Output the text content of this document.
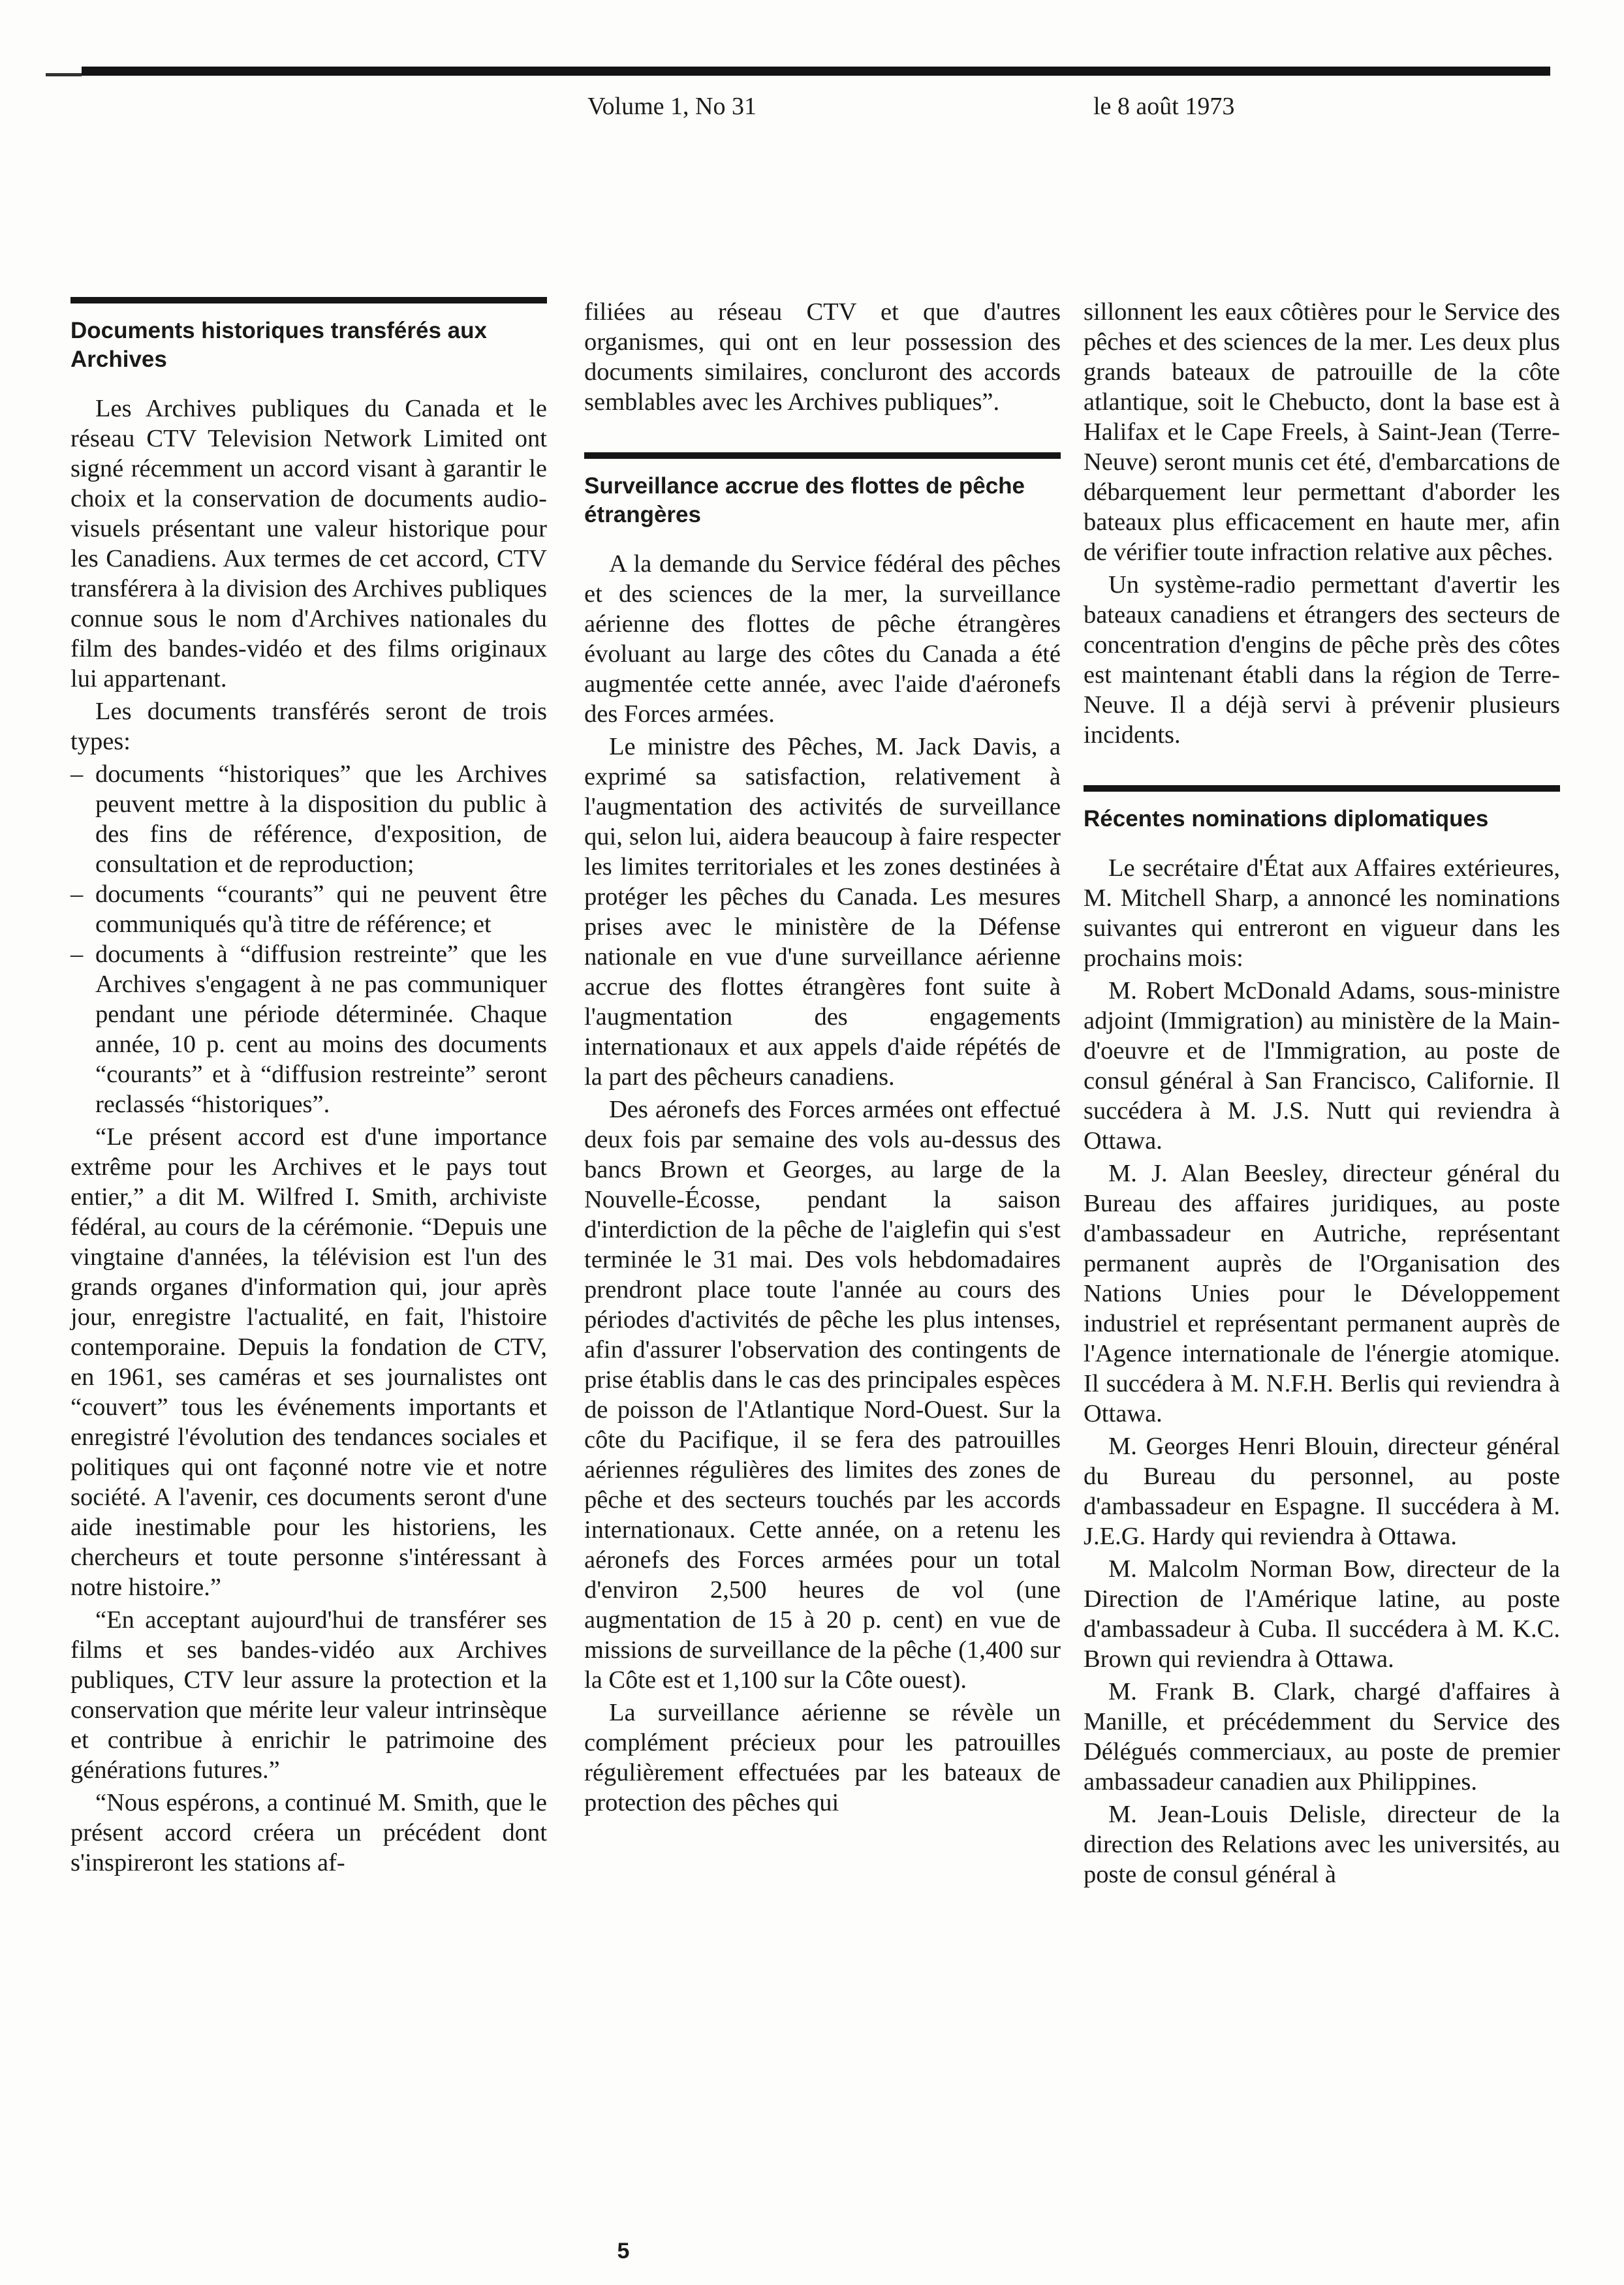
Volume 1, No 31	le 8 août 1973
Documents historiques transférés aux Archives

Les Archives publiques du Canada et le réseau CTV Television Network Limited ont signé récemment un accord visant à garantir le choix et la conservation de documents audio-visuels présentant une valeur historique pour les Canadiens. Aux termes de cet accord, CTV transférera à la division des Archives publiques connue sous le nom d'Archives nationales du film des bandes-vidéo et des films originaux lui appartenant.

Les documents transférés seront de trois types:

– documents “historiques” que les Archives peuvent mettre à la disposition du public à des fins de référence, d'exposition, de consultation et de reproduction;
– documents “courants” qui ne peuvent être communiqués qu'à titre de référence; et
– documents à “diffusion restreinte” que les Archives s'engagent à ne pas communiquer pendant une période déterminée. Chaque année, 10 p. cent au moins des documents “courants” et à “diffusion restreinte” seront reclassés “historiques”.

“Le présent accord est d'une importance extrême pour les Archives et le pays tout entier,” a dit M. Wilfred I. Smith, archiviste fédéral, au cours de la cérémonie. “Depuis une vingtaine d'années, la télévision est l'un des grands organes d'information qui, jour après jour, enregistre l'actualité, en fait, l'histoire contemporaine. Depuis la fondation de CTV, en 1961, ses caméras et ses journalistes ont “couvert” tous les événements importants et enregistré l'évolution des tendances sociales et politiques qui ont façonné notre vie et notre société. A l'avenir, ces documents seront d'une aide inestimable pour les historiens, les chercheurs et toute personne s'intéressant à notre histoire.”

“En acceptant aujourd'hui de transférer ses films et ses bandes-vidéo aux Archives publiques, CTV leur assure la protection et la conservation que mérite leur valeur intrinsèque et contribue à enrichir le patrimoine des générations futures.”

“Nous espérons, a continué M. Smith, que le présent accord créera un précédent dont s'inspireront les stations af-

filiées au réseau CTV et que d'autres organismes, qui ont en leur possession des documents similaires, concluront des accords semblables avec les Archives publiques”.

Surveillance accrue des flottes de pêche étrangères

A la demande du Service fédéral des pêches et des sciences de la mer, la surveillance aérienne des flottes de pêche étrangères évoluant au large des côtes du Canada a été augmentée cette année, avec l'aide d'aéronefs des Forces armées.

Le ministre des Pêches, M. Jack Davis, a exprimé sa satisfaction, relativement à l'augmentation des activités de surveillance qui, selon lui, aidera beaucoup à faire respecter les limites territoriales et les zones destinées à protéger les pêches du Canada. Les mesures prises avec le ministère de la Défense nationale en vue d'une surveillance aérienne accrue des flottes étrangères font suite à l'augmentation des engagements internationaux et aux appels d'aide répétés de la part des pêcheurs canadiens.

Des aéronefs des Forces armées ont effectué deux fois par semaine des vols au-dessus des bancs Brown et Georges, au large de la Nouvelle-Écosse, pendant la saison d'interdiction de la pêche de l'aiglefin qui s'est terminée le 31 mai. Des vols hebdomadaires prendront place toute l'année au cours des périodes d'activités de pêche les plus intenses, afin d'assurer l'observation des contingents de prise établis dans le cas des principales espèces de poisson de l'Atlantique Nord-Ouest. Sur la côte du Pacifique, il se fera des patrouilles aériennes régulières des limites des zones de pêche et des secteurs touchés par les accords internationaux. Cette année, on a retenu les aéronefs des Forces armées pour un total d'environ 2,500 heures de vol (une augmentation de 15 à 20 p. cent) en vue de missions de surveillance de la pêche (1,400 sur la Côte est et 1,100 sur la Côte ouest).

La surveillance aérienne se révèle un complément précieux pour les patrouilles régulièrement effectuées par les bateaux de protection des pêches qui

sillonnent les eaux côtières pour le Service des pêches et des sciences de la mer. Les deux plus grands bateaux de patrouille de la côte atlantique, soit le Chebucto, dont la base est à Halifax et le Cape Freels, à Saint-Jean (Terre-Neuve) seront munis cet été, d'embarcations de débarquement leur permettant d'aborder les bateaux plus efficacement en haute mer, afin de vérifier toute infraction relative aux pêches.

Un système-radio permettant d'avertir les bateaux canadiens et étrangers des secteurs de concentration d'engins de pêche près des côtes est maintenant établi dans la région de Terre-Neuve. Il a déjà servi à prévenir plusieurs incidents.

Récentes nominations diplomatiques

Le secrétaire d'État aux Affaires extérieures, M. Mitchell Sharp, a annoncé les nominations suivantes qui entreront en vigueur dans les prochains mois:

M. Robert McDonald Adams, sous-ministre adjoint (Immigration) au ministère de la Main-d'oeuvre et de l'Immigration, au poste de consul général à San Francisco, Californie. Il succédera à M. J.S. Nutt qui reviendra à Ottawa.

M. J. Alan Beesley, directeur général du Bureau des affaires juridiques, au poste d'ambassadeur en Autriche, représentant permanent auprès de l'Organisation des Nations Unies pour le Développement industriel et représentant permanent auprès de l'Agence internationale de l'énergie atomique. Il succédera à M. N.F.H. Berlis qui reviendra à Ottawa.

M. Georges Henri Blouin, directeur général du Bureau du personnel, au poste d'ambassadeur en Espagne. Il succédera à M. J.E.G. Hardy qui reviendra à Ottawa.

M. Malcolm Norman Bow, directeur de la Direction de l'Amérique latine, au poste d'ambassadeur à Cuba. Il succédera à M. K.C. Brown qui reviendra à Ottawa.

M. Frank B. Clark, chargé d'affaires à Manille, et précédemment du Service des Délégués commerciaux, au poste de premier ambassadeur canadien aux Philippines.

M. Jean-Louis Delisle, directeur de la direction des Relations avec les universités, au poste de consul général à

5
